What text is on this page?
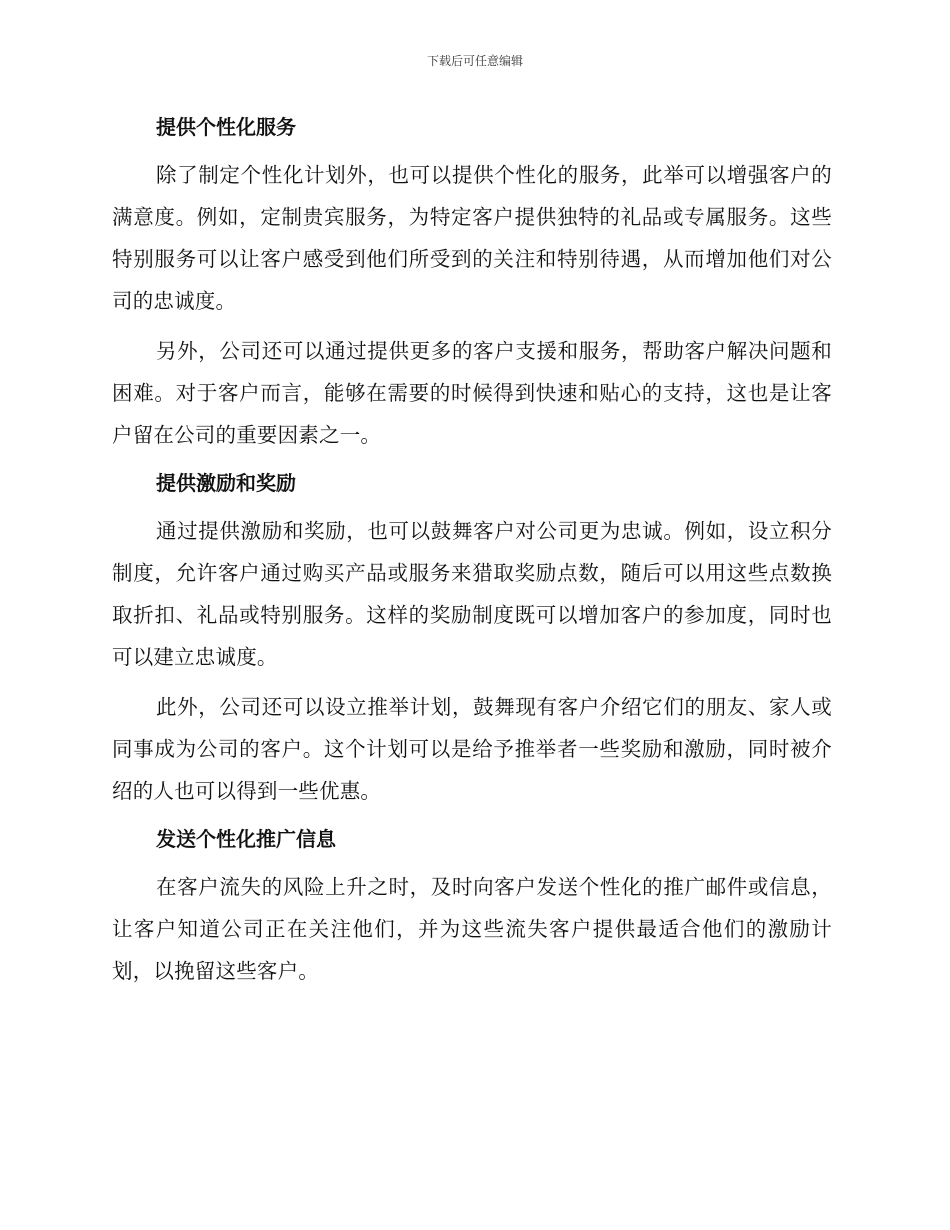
下载后可任意编辑
提供个性化服务

除了制定个性化计划外，也可以提供个性化的服务，此举可以增强客户的满意度。例如，定制贵宾服务，为特定客户提供独特的礼品或专属服务。这些特别服务可以让客户感受到他们所受到的关注和特别待遇，从而增加他们对公司的忠诚度。

另外，公司还可以通过提供更多的客户支援和服务，帮助客户解决问题和困难。对于客户而言，能够在需要的时候得到快速和贴心的支持，这也是让客户留在公司的重要因素之一。

提供激励和奖励

通过提供激励和奖励，也可以鼓舞客户对公司更为忠诚。例如，设立积分制度，允许客户通过购买产品或服务来猎取奖励点数，随后可以用这些点数换取折扣、礼品或特别服务。这样的奖励制度既可以增加客户的参加度，同时也可以建立忠诚度。

此外，公司还可以设立推举计划，鼓舞现有客户介绍它们的朋友、家人或同事成为公司的客户。这个计划可以是给予推举者一些奖励和激励，同时被介绍的人也可以得到一些优惠。

发送个性化推广信息

在客户流失的风险上升之时，及时向客户发送个性化的推广邮件或信息，让客户知道公司正在关注他们，并为这些流失客户提供最适合他们的激励计划，以挽留这些客户。
